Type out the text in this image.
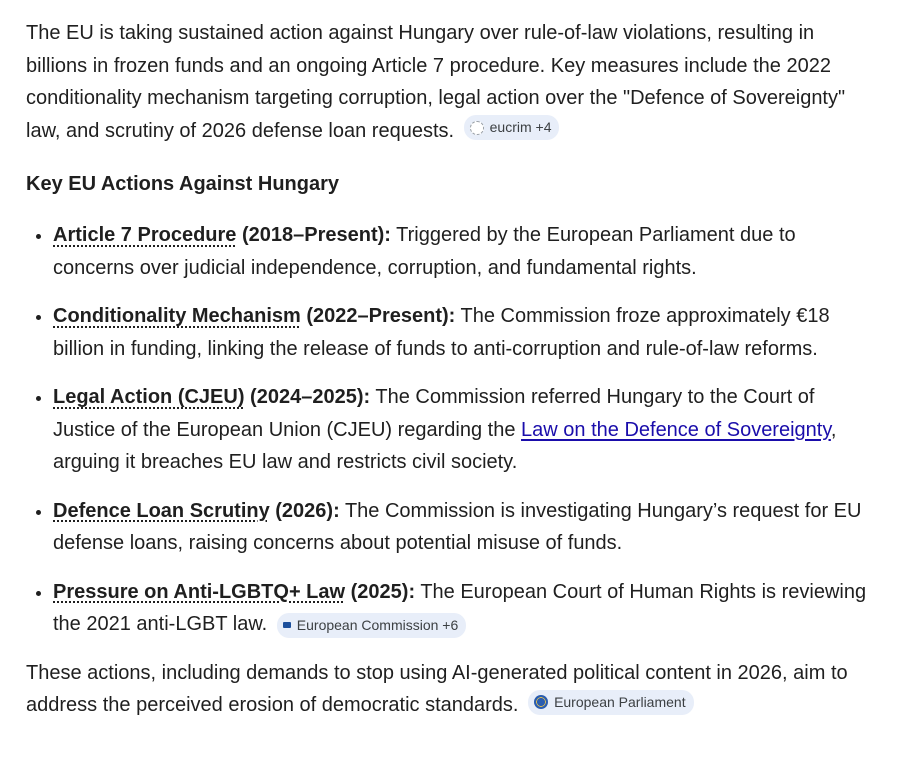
The EU is taking sustained action against Hungary over rule-of-law violations, resulting in billions in frozen funds and an ongoing Article 7 procedure. Key measures include the 2022 conditionality mechanism targeting corruption, legal action over the "Defence of Sovereignty" law, and scrutiny of 2026 defense loan requests.	eucrim +4

Key EU Actions Against Hungary
• Article 7 Procedure (2018–Present): Triggered by the European Parliament due to concerns over judicial independence, corruption, and fundamental rights.
• Conditionality Mechanism (2022–Present): The Commission froze approximately €18 billion in funding, linking the release of funds to anti-corruption and rule-of-law reforms.
• Legal Action (CJEU) (2024–2025): The Commission referred Hungary to the Court of Justice of the European Union (CJEU) regarding the Law on the Defence of Sovereignty, arguing it breaches EU law and restricts civil society.
• Defence Loan Scrutiny (2026): The Commission is investigating Hungary’s request for EU defense loans, raising concerns about potential misuse of funds.
• Pressure on Anti-LGBTQ+ Law (2025): The European Court of Human Rights is reviewing the 2021 anti-LGBT law. European Commission +6

These actions, including demands to stop using AI-generated political content in 2026, aim to address the perceived erosion of democratic standards.	European Parliament
